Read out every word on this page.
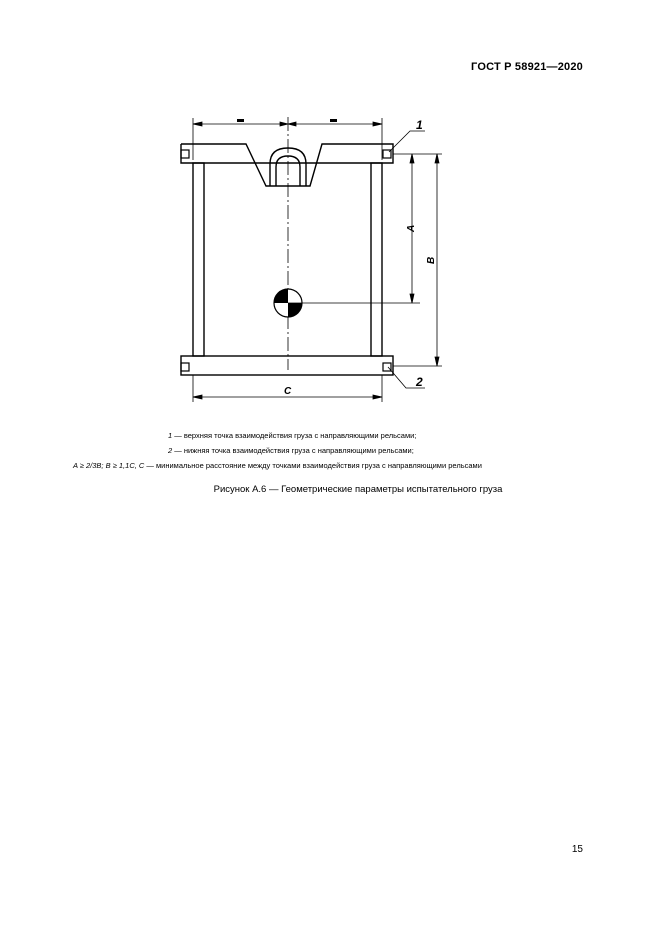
ГОСТ Р 58921—2020
1
2
A
B
C
1 — верхняя точка взаимодействия груза с направляющими рельсами;
2 — нижняя точка взаимодействия груза с направляющими рельсами;
A ≥ 2/3B; B ≥ 1,1C, C — минимальное расстояние между точками взаимодействия груза с направляющими рельсами
Рисунок А.6 — Геометрические параметры испытательного груза
15
